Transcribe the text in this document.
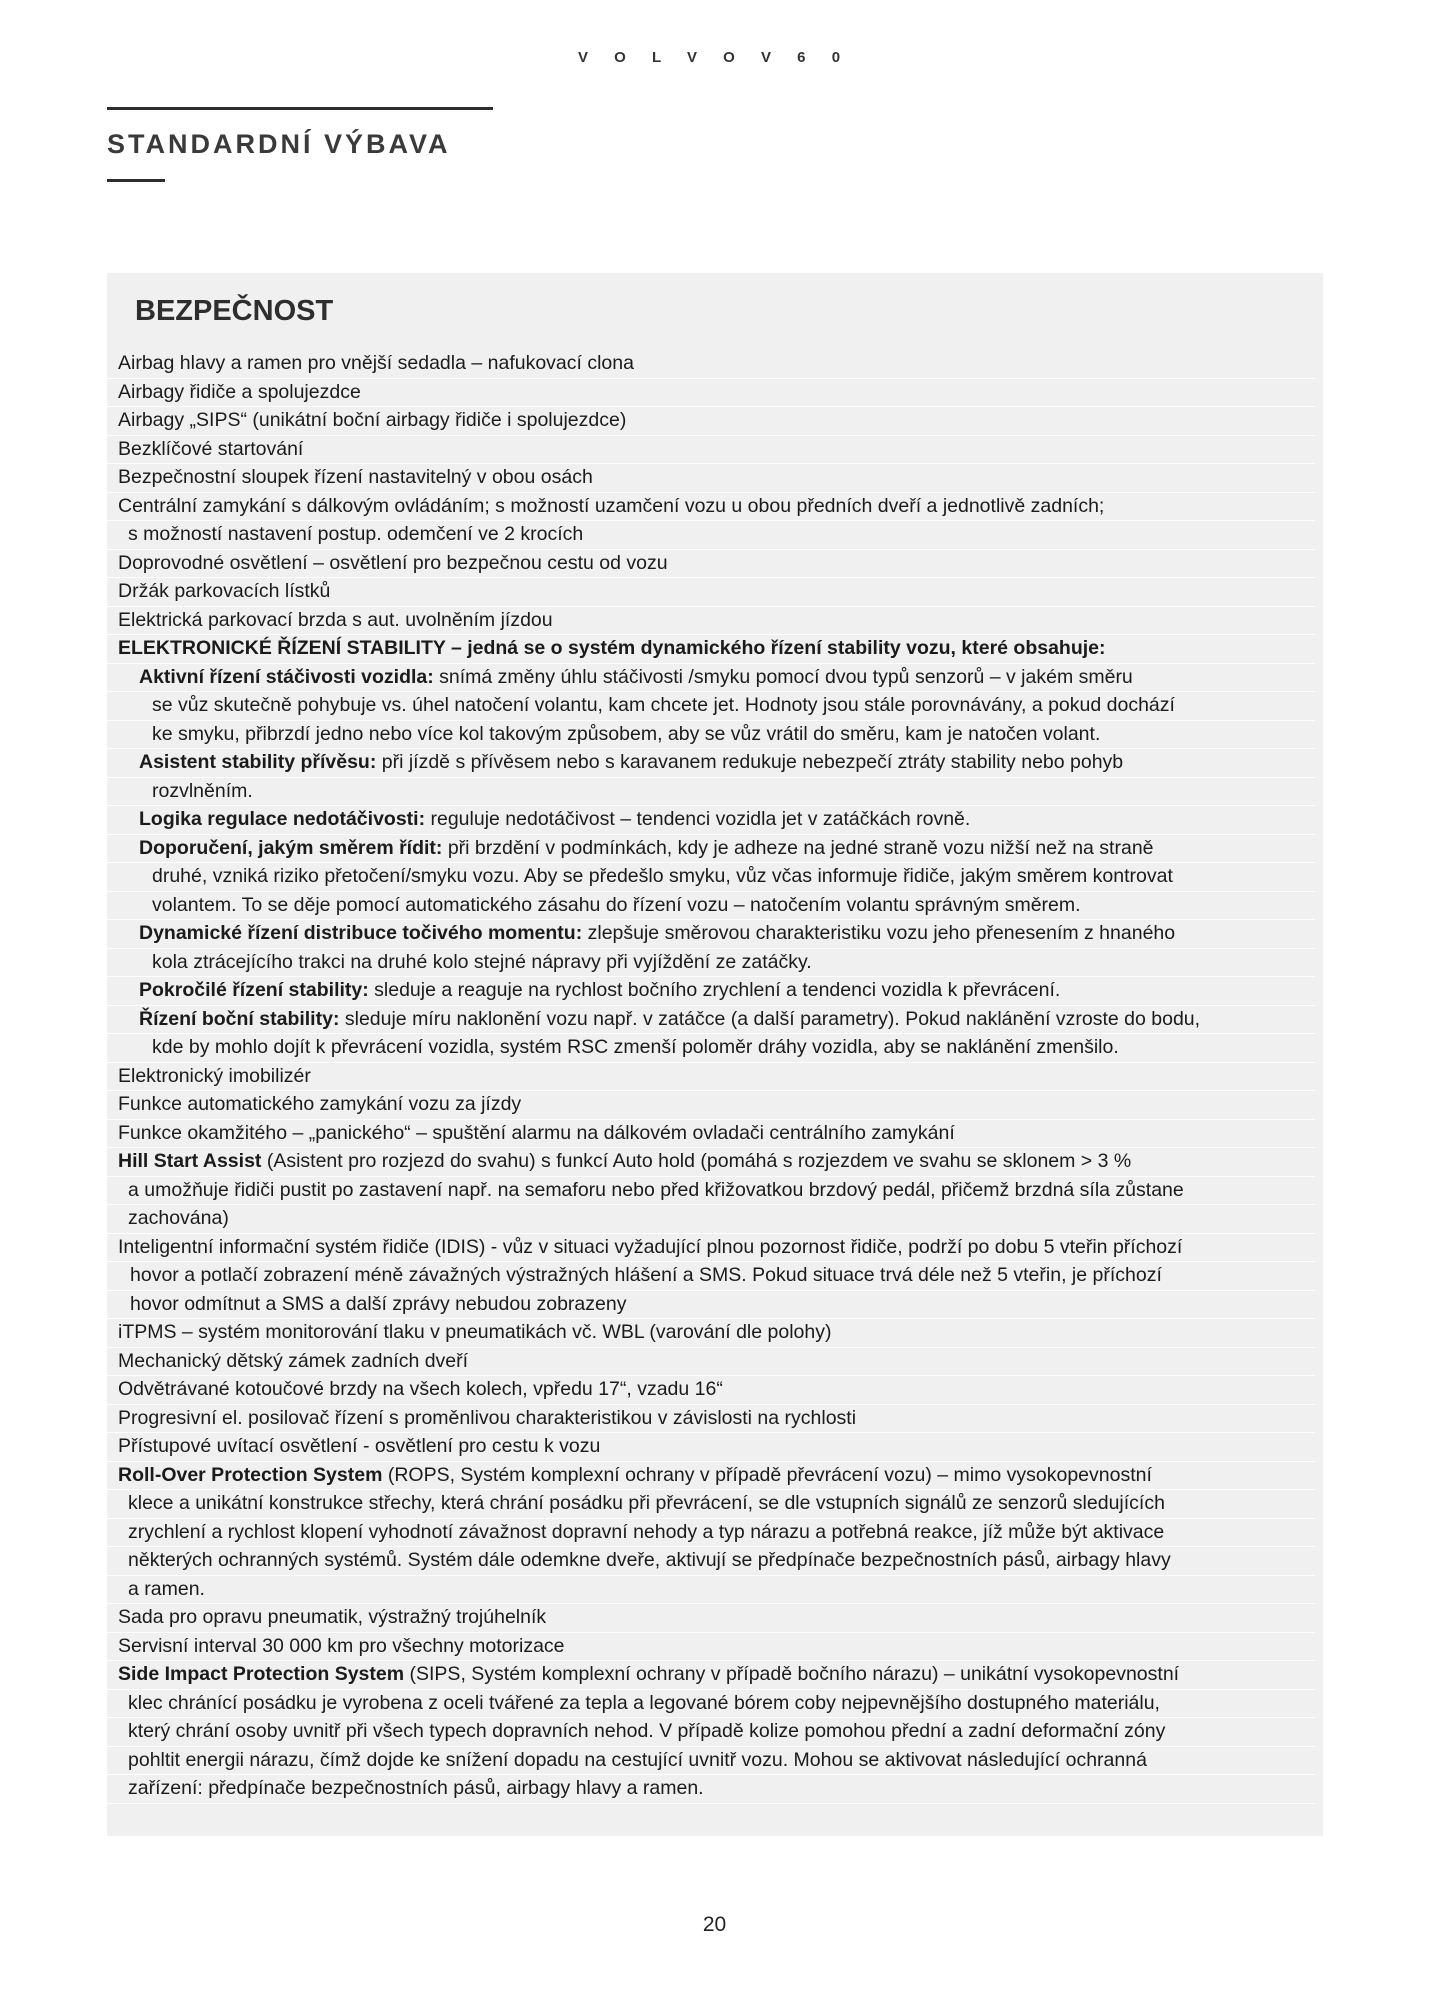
V O L V O V 6 0
STANDARDNÍ VÝBAVA
BEZPEČNOST
Airbag hlavy a ramen pro vnější sedadla – nafukovací clona
Airbagy řidiče a spolujezdce
Airbagy „SIPS“ (unikátní boční airbagy řidiče i spolujezdce)
Bezklíčové startování
Bezpečnostní sloupek řízení nastavitelný v obou osách
Centrální zamykání s dálkovým ovládáním; s možností uzamčení vozu u obou předních dveří a jednotlivě zadních;
s možností nastavení postup. odemčení ve 2 krocích
Doprovodné osvětlení – osvětlení pro bezpečnou cestu od vozu
Držák parkovacích lístků
Elektrická parkovací brzda s aut. uvolněním jízdou
ELEKTRONICKÉ ŘÍZENÍ STABILITY – jedná se o systém dynamického řízení stability vozu, které obsahuje:
Aktivní řízení stáčivosti vozidla: snímá změny úhlu stáčivosti /smyku pomocí dvou typů senzorů – v jakém směru
se vůz skutečně pohybuje vs. úhel natočení volantu, kam chcete jet. Hodnoty jsou stále porovnávány, a pokud dochází
ke smyku, přibrzdí jedno nebo více kol takovým způsobem, aby se vůz vrátil do směru, kam je natočen volant.
Asistent stability přívěsu: při jízdě s přívěsem nebo s karavanem redukuje nebezpečí ztráty stability nebo pohyb
rozvlněním.
Logika regulace nedotáčivosti: reguluje nedotáčivost – tendenci vozidla jet v zatáčkách rovně.
Doporučení, jakým směrem řídit: při brzdění v podmínkách, kdy je adheze na jedné straně vozu nižší než na straně
druhé, vzniká riziko přetočení/smyku vozu. Aby se předešlo smyku, vůz včas informuje řidiče, jakým směrem kontrovat
volantem. To se děje pomocí automatického zásahu do řízení vozu – natočením volantu správným směrem.
Dynamické řízení distribuce točivého momentu: zlepšuje směrovou charakteristiku vozu jeho přenesením z hnaného
kola ztrácejícího trakci na druhé kolo stejné nápravy při vyjíždění ze zatáčky.
Pokročilé řízení stability: sleduje a reaguje na rychlost bočního zrychlení a tendenci vozidla k převrácení.
Řízení boční stability: sleduje míru naklonění vozu např. v zatáčce (a další parametry). Pokud naklánění vzroste do bodu,
kde by mohlo dojít k převrácení vozidla, systém RSC zmenší poloměr dráhy vozidla, aby se naklánění zmenšilo.
Elektronický imobilizér
Funkce automatického zamykání vozu za jízdy
Funkce okamžitého – „panického“ – spuštění alarmu na dálkovém ovladači centrálního zamykání
Hill Start Assist (Asistent pro rozjezd do svahu) s funkcí Auto hold (pomáhá s rozjezdem ve svahu se sklonem > 3 %
a umožňuje řidiči pustit po zastavení např. na semaforu nebo před křižovatkou brzdový pedál, přičemž brzdná síla zůstane
zachována)
Inteligentní informační systém řidiče (IDIS) - vůz v situaci vyžadující plnou pozornost řidiče, podrží po dobu 5 vteřin příchozí
hovor a potlačí zobrazení méně závažných výstražných hlášení a SMS. Pokud situace trvá déle než 5 vteřin, je příchozí
hovor odmítnut a SMS a další zprávy nebudou zobrazeny
iTPMS – systém monitorování tlaku v pneumatikách vč. WBL (varování dle polohy)
Mechanický dětský zámek zadních dveří
Odvětrávané kotoučové brzdy na všech kolech, vpředu 17“, vzadu 16“
Progresivní el. posilovač řízení s proměnlivou charakteristikou v závislosti na rychlosti
Přístupové uvítací osvětlení - osvětlení pro cestu k vozu
Roll-Over Protection System (ROPS, Systém komplexní ochrany v případě převrácení vozu) – mimo vysokopevnostní
klece a unikátní konstrukce střechy, která chrání posádku při převrácení, se dle vstupních signálů ze senzorů sledujících
zrychlení a rychlost klopení vyhodnotí závažnost dopravní nehody a typ nárazu a potřebná reakce, jíž může být aktivace
některých ochranných systémů. Systém dále odemkne dveře, aktivují se předpínače bezpečnostních pásů, airbagy hlavy
a ramen.
Sada pro opravu pneumatik, výstražný trojúhelník
Servisní interval 30 000 km pro všechny motorizace
Side Impact Protection System (SIPS, Systém komplexní ochrany v případě bočního nárazu) – unikátní vysokopevnostní
klec chránící posádku je vyrobena z oceli tvářené za tepla a legované bórem coby nejpevnějšího dostupného materiálu,
který chrání osoby uvnitř při všech typech dopravních nehod. V případě kolize pomohou přední a zadní deformační zóny
pohltit energii nárazu, čímž dojde ke snížení dopadu na cestující uvnitř vozu. Mohou se aktivovat následující ochranná
zařízení: předpínače bezpečnostních pásů, airbagy hlavy a ramen.
20
